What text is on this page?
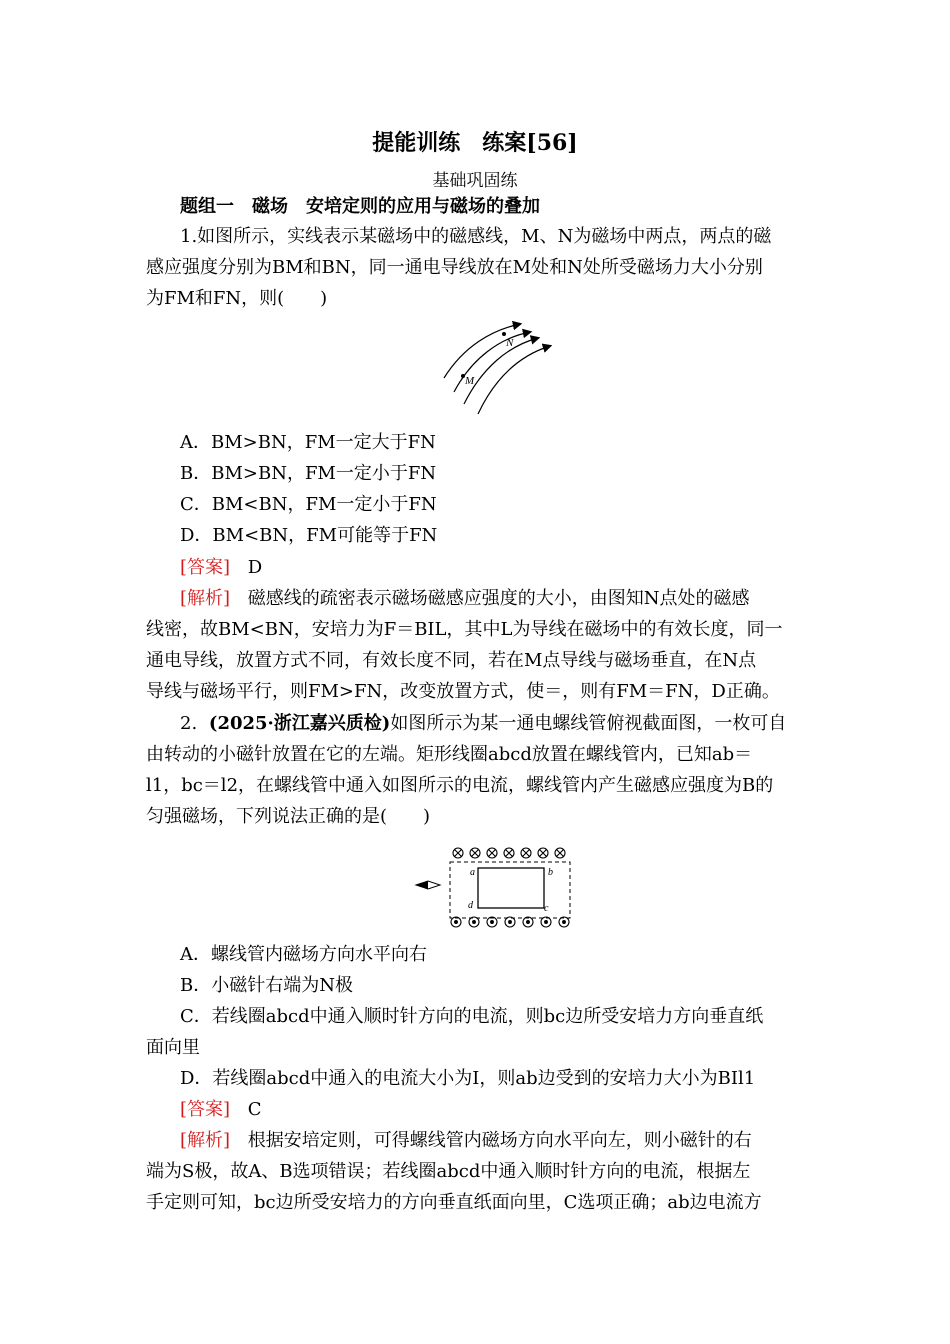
提能训练　练案[56]
基础巩固练
题组一　磁场　安培定则的应用与磁场的叠加
1.如图所示，实线表示某磁场中的磁感线，M、N为磁场中两点，两点的磁
感应强度分别为BM和BN，同一通电导线放在M处和N处所受磁场力大小分别
为FM和FN，则(　　)
M
N
A．BM>BN，FM一定大于FN
B．BM>BN，FM一定小于FN
C．BM<BN，FM一定小于FN
D．BM<BN，FM可能等于FN
[答案] D
[解析] 磁感线的疏密表示磁场磁感应强度的大小，由图知N点处的磁感
线密，故BM<BN，安培力为F＝BIL，其中L为导线在磁场中的有效长度，同一
通电导线，放置方式不同，有效长度不同，若在M点导线与磁场垂直，在N点
导线与磁场平行，则FM>FN，改变放置方式，使＝，则有FM＝FN，D正确。
2. (2025·浙江嘉兴质检)如图所示为某一通电螺线管俯视截面图，一枚可自
由转动的小磁针放置在它的左端。矩形线圈abcd放置在螺线管内，已知ab＝
l1，bc＝l2，在螺线管中通入如图所示的电流，螺线管内产生磁感应强度为B的
匀强磁场，下列说法正确的是(　　)
a	b
d	c
A．螺线管内磁场方向水平向右
B．小磁针右端为N极
C．若线圈abcd中通入顺时针方向的电流，则bc边所受安培力方向垂直纸
面向里
D．若线圈abcd中通入的电流大小为I，则ab边受到的安培力大小为BIl1
[答案] C
[解析] 根据安培定则，可得螺线管内磁场方向水平向左，则小磁针的右
端为S极，故A、B选项错误；若线圈abcd中通入顺时针方向的电流，根据左
手定则可知，bc边所受安培力的方向垂直纸面向里，C选项正确；ab边电流方
